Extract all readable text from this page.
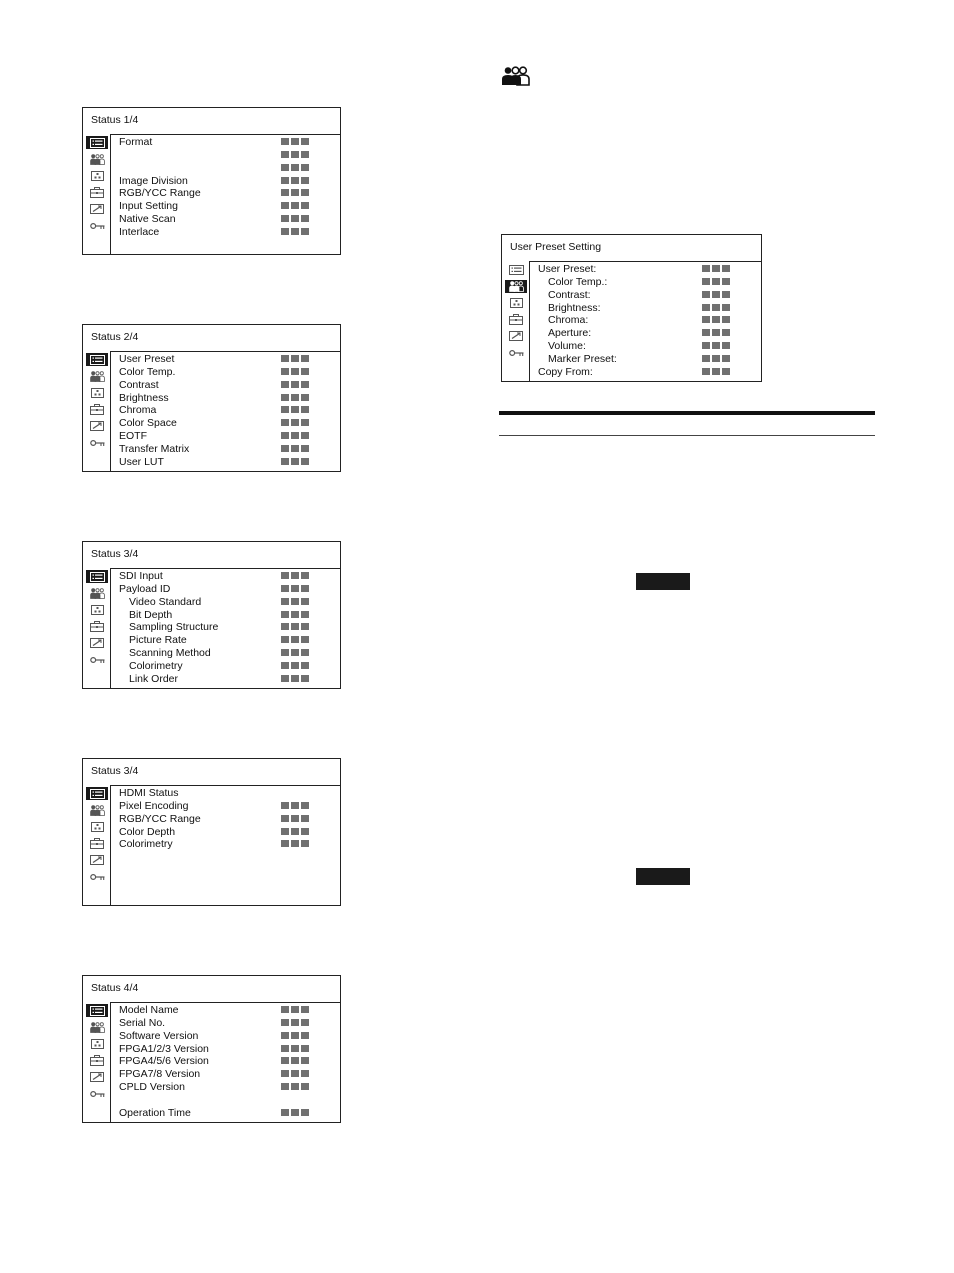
Status 1/4
Format
Image Division
RGB/YCC Range
Input Setting
Native Scan
Interlace
Status 2/4
User Preset
Color Temp.
Contrast
Brightness
Chroma
Color Space
EOTF
Transfer Matrix
User LUT
Status 3/4
SDI Input
Payload ID
Video Standard
Bit Depth
Sampling Structure
Picture Rate
Scanning Method
Colorimetry
Link Order
Status 3/4
HDMI Status
Pixel Encoding
RGB/YCC Range
Color Depth
Colorimetry
Status 4/4
Model Name
Serial No.
Software Version
FPGA1/2/3 Version
FPGA4/5/6 Version
FPGA7/8 Version
CPLD Version
Operation Time
User Preset Setting
User Preset:
Color Temp.:
Contrast:
Brightness:
Chroma:
Aperture:
Volume:
Marker Preset:
Copy From:
